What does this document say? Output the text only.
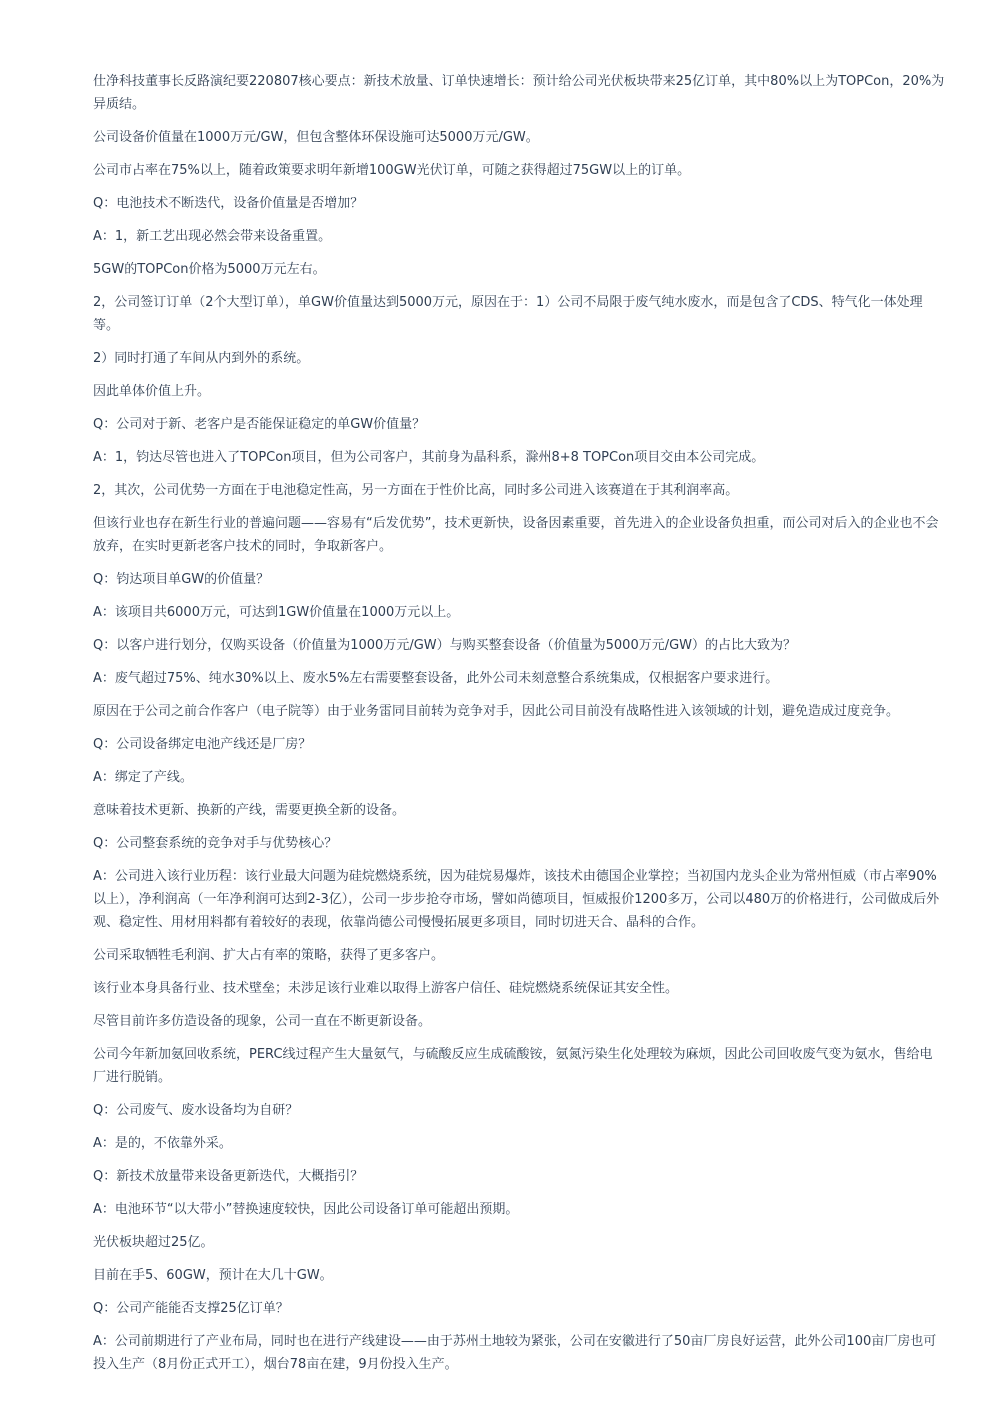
仕净科技董事长反路演纪要220807核心要点：新技术放量、订单快速增长：预计给公司光伏板块带来25亿订单，其中80%以上为TOPCon，20%为异质结。

公司设备价值量在1000万元/GW，但包含整体环保设施可达5000万元/GW。

公司市占率在75%以上，随着政策要求明年新增100GW光伏订单，可随之获得超过75GW以上的订单。

Q：电池技术不断迭代，设备价值量是否增加？

A：1，新工艺出现必然会带来设备重置。

5GW的TOPCon价格为5000万元左右。

2，公司签订订单（2个大型订单），单GW价值量达到5000万元，原因在于：1）公司不局限于废气纯水废水，而是包含了CDS、特气化一体处理等。

2）同时打通了车间从内到外的系统。

因此单体价值上升。

Q：公司对于新、老客户是否能保证稳定的单GW价值量？

A：1，钧达尽管也进入了TOPCon项目，但为公司客户，其前身为晶科系，滁州8+8 TOPCon项目交由本公司完成。

2，其次，公司优势一方面在于电池稳定性高，另一方面在于性价比高，同时多公司进入该赛道在于其利润率高。

但该行业也存在新生行业的普遍问题——容易有“后发优势”，技术更新快，设备因素重要，首先进入的企业设备负担重，而公司对后入的企业也不会放弃，在实时更新老客户技术的同时，争取新客户。

Q：钧达项目单GW的价值量？

A：该项目共6000万元，可达到1GW价值量在1000万元以上。

Q：以客户进行划分，仅购买设备（价值量为1000万元/GW）与购买整套设备（价值量为5000万元/GW）的占比大致为？

A：废气超过75%、纯水30%以上、废水5%左右需要整套设备，此外公司未刻意整合系统集成，仅根据客户要求进行。

原因在于公司之前合作客户（电子院等）由于业务雷同目前转为竞争对手，因此公司目前没有战略性进入该领域的计划，避免造成过度竞争。

Q：公司设备绑定电池产线还是厂房？

A：绑定了产线。

意味着技术更新、换新的产线，需要更换全新的设备。

Q：公司整套系统的竞争对手与优势核心？

A：公司进入该行业历程：该行业最大问题为硅烷燃烧系统，因为硅烷易爆炸，该技术由德国企业掌控；当初国内龙头企业为常州恒威（市占率90%以上），净利润高（一年净利润可达到2-3亿），公司一步步抢夺市场，譬如尚德项目，恒威报价1200多万，公司以480万的价格进行，公司做成后外观、稳定性、用材用料都有着较好的表现，依靠尚德公司慢慢拓展更多项目，同时切进天合、晶科的合作。

公司采取牺牲毛利润、扩大占有率的策略，获得了更多客户。

该行业本身具备行业、技术壁垒；未涉足该行业难以取得上游客户信任、硅烷燃烧系统保证其安全性。

尽管目前许多仿造设备的现象，公司一直在不断更新设备。

公司今年新加氨回收系统，PERC线过程产生大量氨气，与硫酸反应生成硫酸铵，氨氮污染生化处理较为麻烦，因此公司回收废气变为氨水，售给电厂进行脱销。

Q：公司废气、废水设备均为自研？

A：是的，不依靠外采。

Q：新技术放量带来设备更新迭代，大概指引？

A：电池环节“以大带小”替换速度较快，因此公司设备订单可能超出预期。

光伏板块超过25亿。

目前在手5、60GW，预计在大几十GW。

Q：公司产能能否支撑25亿订单？

A：公司前期进行了产业布局，同时也在进行产线建设——由于苏州土地较为紧张，公司在安徽进行了50亩厂房良好运营，此外公司100亩厂房也可投入生产（8月份正式开工），烟台78亩在建，9月份投入生产。
